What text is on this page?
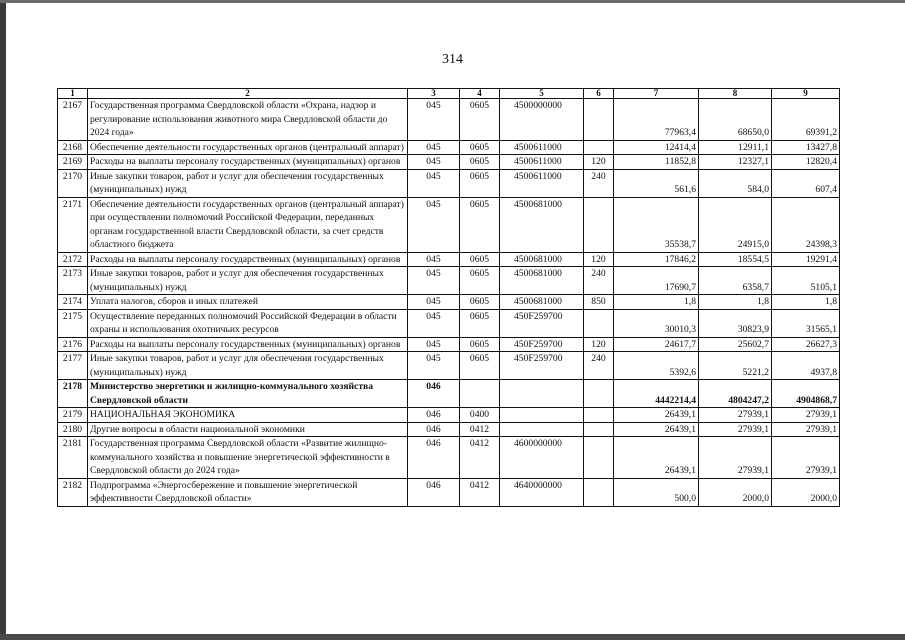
314
1	2	3	4	5	6	7	8	9
2167	Государственная программа Свердловской области «Охрана, надзор и регулирование использования животного мира Свердловской области до 2024 года»	045	0605	4500000000		77963,4	68650,0	69391,2
2168	Обеспечение деятельности государственных органов (центральный аппарат)	045	0605	4500611000		12414,4	12911,1	13427,8
2169	Расходы на выплаты персоналу государственных (муниципальных) органов	045	0605	4500611000	120	11852,8	12327,1	12820,4
2170	Иные закупки товаров, работ и услуг для обеспечения государственных (муниципальных) нужд	045	0605	4500611000	240	561,6	584,0	607,4
2171	Обеспечение деятельности государственных органов (центральный аппарат) при осуществлении полномочий Российской Федерации, переданных органам государственной власти Свердловской области, за счет средств областного бюджета	045	0605	4500681000		35538,7	24915,0	24398,3
2172	Расходы на выплаты персоналу государственных (муниципальных) органов	045	0605	4500681000	120	17846,2	18554,5	19291,4
2173	Иные закупки товаров, работ и услуг для обеспечения государственных (муниципальных) нужд	045	0605	4500681000	240	17690,7	6358,7	5105,1
2174	Уплата налогов, сборов и иных платежей	045	0605	4500681000	850	1,8	1,8	1,8
2175	Осуществление переданных полномочий Российской Федерации в области охраны и использования охотничьих ресурсов	045	0605	450F259700		30010,3	30823,9	31565,1
2176	Расходы на выплаты персоналу государственных (муниципальных) органов	045	0605	450F259700	120	24617,7	25602,7	26627,3
2177	Иные закупки товаров, работ и услуг для обеспечения государственных (муниципальных) нужд	045	0605	450F259700	240	5392,6	5221,2	4937,8
2178	Министерство энергетики и жилищно-коммунального хозяйства Свердловской области	046				4442214,4	4804247,2	4904868,7
2179	НАЦИОНАЛЬНАЯ ЭКОНОМИКА	046	0400			26439,1	27939,1	27939,1
2180	Другие вопросы в области национальной экономики	046	0412			26439,1	27939,1	27939,1
2181	Государственная программа Свердловской области «Развитие жилищно-коммунального хозяйства и повышение энергетической эффективности в Свердловской области до 2024 года»	046	0412	4600000000		26439,1	27939,1	27939,1
2182	Подпрограмма «Энергосбережение и повышение энергетической эффективности Свердловской области»	046	0412	4640000000		500,0	2000,0	2000,0
